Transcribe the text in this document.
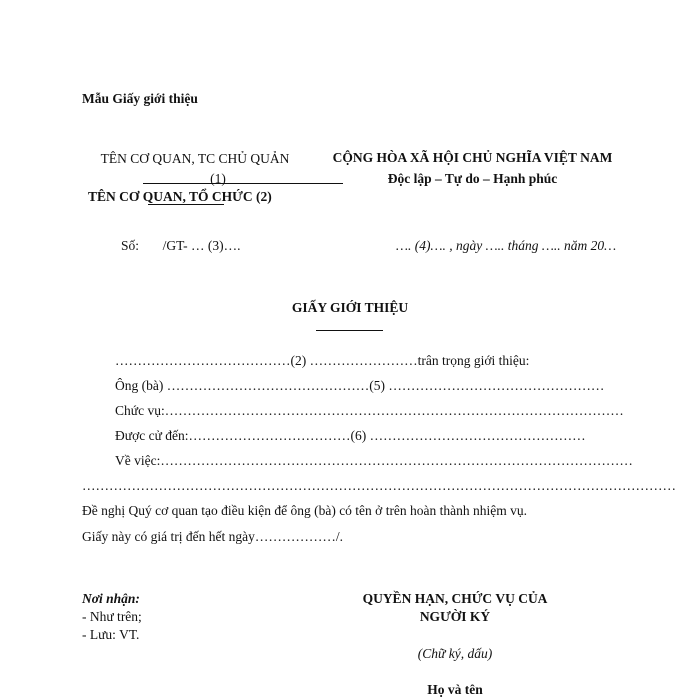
Mẫu Giấy giới thiệu
TÊN CƠ QUAN, TC CHỦ QUẢN
(1)
TÊN CƠ QUAN, TỔ CHỨC (2)
CỘNG HÒA XÃ HỘI CHỦ NGHĨA VIỆT NAM
Độc lập – Tự do – Hạnh phúc
Số:       /GT- … (3)….	…. (4)…. , ngày ….. tháng ….. năm 20…
GIẤY GIỚI THIỆU
…………………………………(2) ……………………trân trọng giới thiệu:
Ông (bà) ………………………………………(5) …………………………………………
Chức vụ:…………………………………………………………………………………………
Được cử đến:………………………………(6) …………………………………………
Về việc:……………………………………………………………………………………………
……………………………………………………………………………………………………………………
Đề nghị Quý cơ quan tạo điều kiện để ông (bà) có tên ở trên hoàn thành nhiệm vụ.
Giấy này có giá trị đến hết ngày………………/.
Nơi nhận:
- Như trên;
- Lưu: VT.
QUYỀN HẠN, CHỨC VỤ CỦA
NGƯỜI KÝ
(Chữ ký, dấu)
Họ và tên
